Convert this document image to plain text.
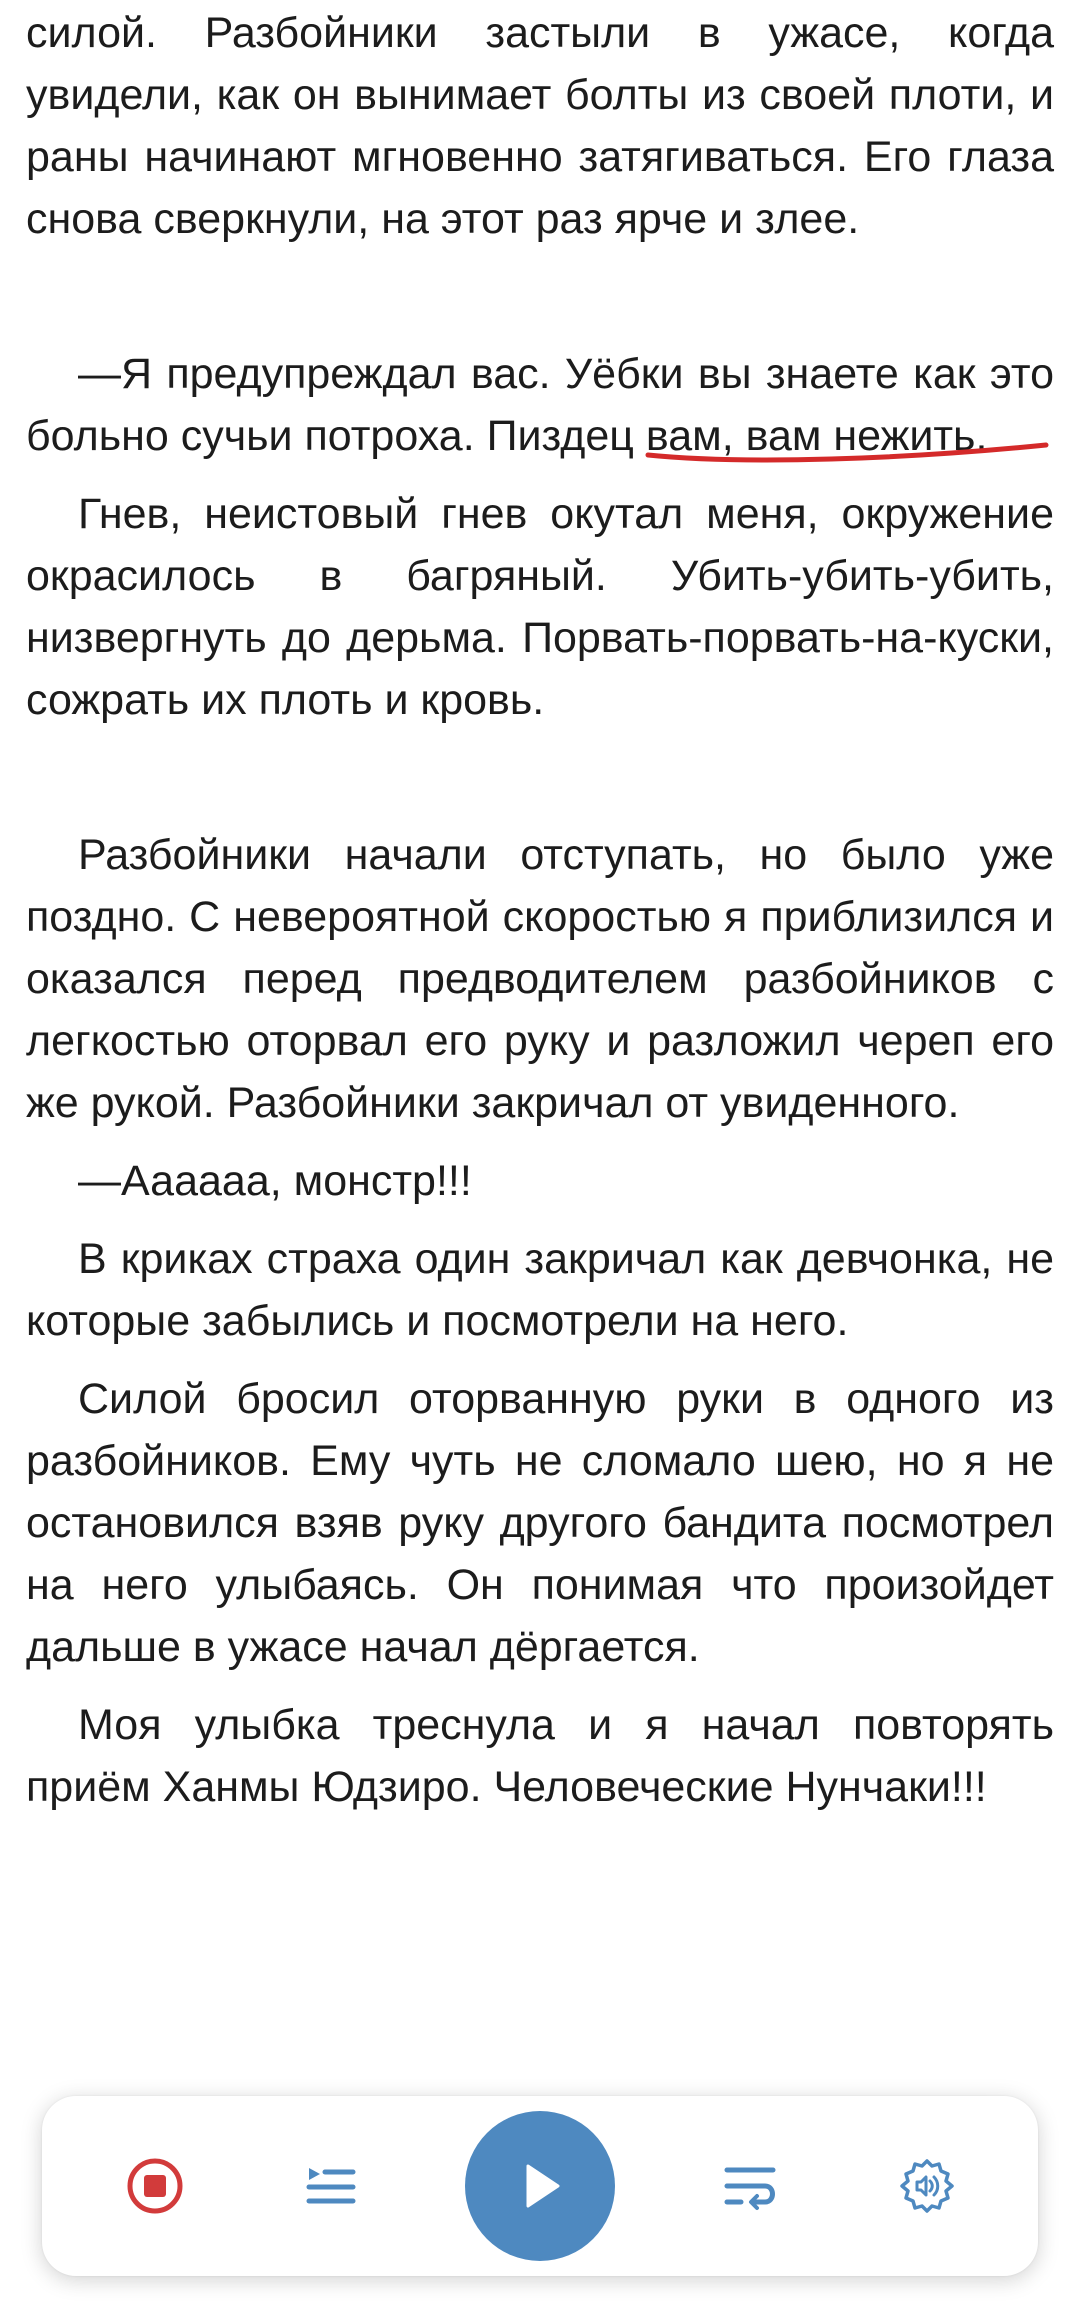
силой. Разбойники застыли в ужасе, когда увидели, как он вынимает болты из своей плоти, и раны начинают мгновенно затягиваться. Его глаза снова сверкнули, на этот раз ярче и злее.

—Я предупреждал вас. Уёбки вы знаете как это больно сучьи потроха. Пиздец вам, вам нежить.

Гнев, неистовый гнев окутал меня, окружение окрасилось в багряный. Убить-убить-убить, низвергнуть до дерьма. Порвать-порвать-на-куски, сожрать их плоть и кровь.

Разбойники начали отступать, но было уже поздно. С невероятной скоростью я приблизился и оказался перед предводителем разбойников с легкостью оторвал его руку и разложил череп его же рукой. Разбойники закричал от увиденного.

—Аааааа, монстр!!!

В криках страха один закричал как девчонка, не которые забылись и посмотрели на него.

Силой бросил оторванную руки в одного из разбойников. Ему чуть не сломало шею, но я не остановился взяв руку другого бандита посмотрел на него улыбаясь. Он понимая что произойдет дальше в ужасе начал дёргается.

Моя улыбка треснула и я начал повторять приём Ханмы Юдзиро. Человеческие Нунчаки!!!
